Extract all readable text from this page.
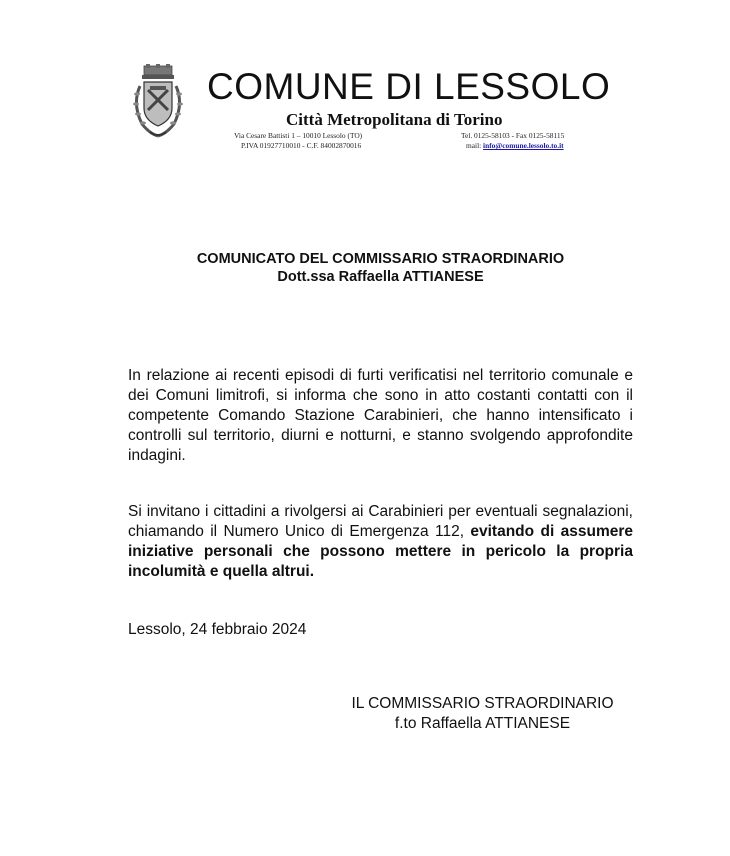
COMUNE DI LESSOLO
Città Metropolitana di Torino
Via Cesare Battisti 1 – 10010 Lessolo (TO)
P.IVA 01927710010 - C.F. 84002870016
Tel. 0125-58103 - Fax 0125-58115
mail: info@comune.lessolo.to.it
COMUNICATO DEL COMMISSARIO STRAORDINARIO
Dott.ssa Raffaella ATTIANESE
In relazione ai recenti episodi di furti verificatisi nel territorio comunale e dei Comuni limitrofi, si informa che sono in atto costanti contatti con il competente Comando Stazione Carabinieri, che hanno intensificato i controlli sul territorio, diurni e notturni, e stanno svolgendo approfondite indagini.
Si invitano i cittadini a rivolgersi ai Carabinieri per eventuali segnalazioni, chiamando il Numero Unico di Emergenza 112, evitando di assumere iniziative personali che possono mettere in pericolo la propria incolumità e quella altrui.
Lessolo, 24 febbraio 2024
IL COMMISSARIO STRAORDINARIO
f.to Raffaella ATTIANESE
